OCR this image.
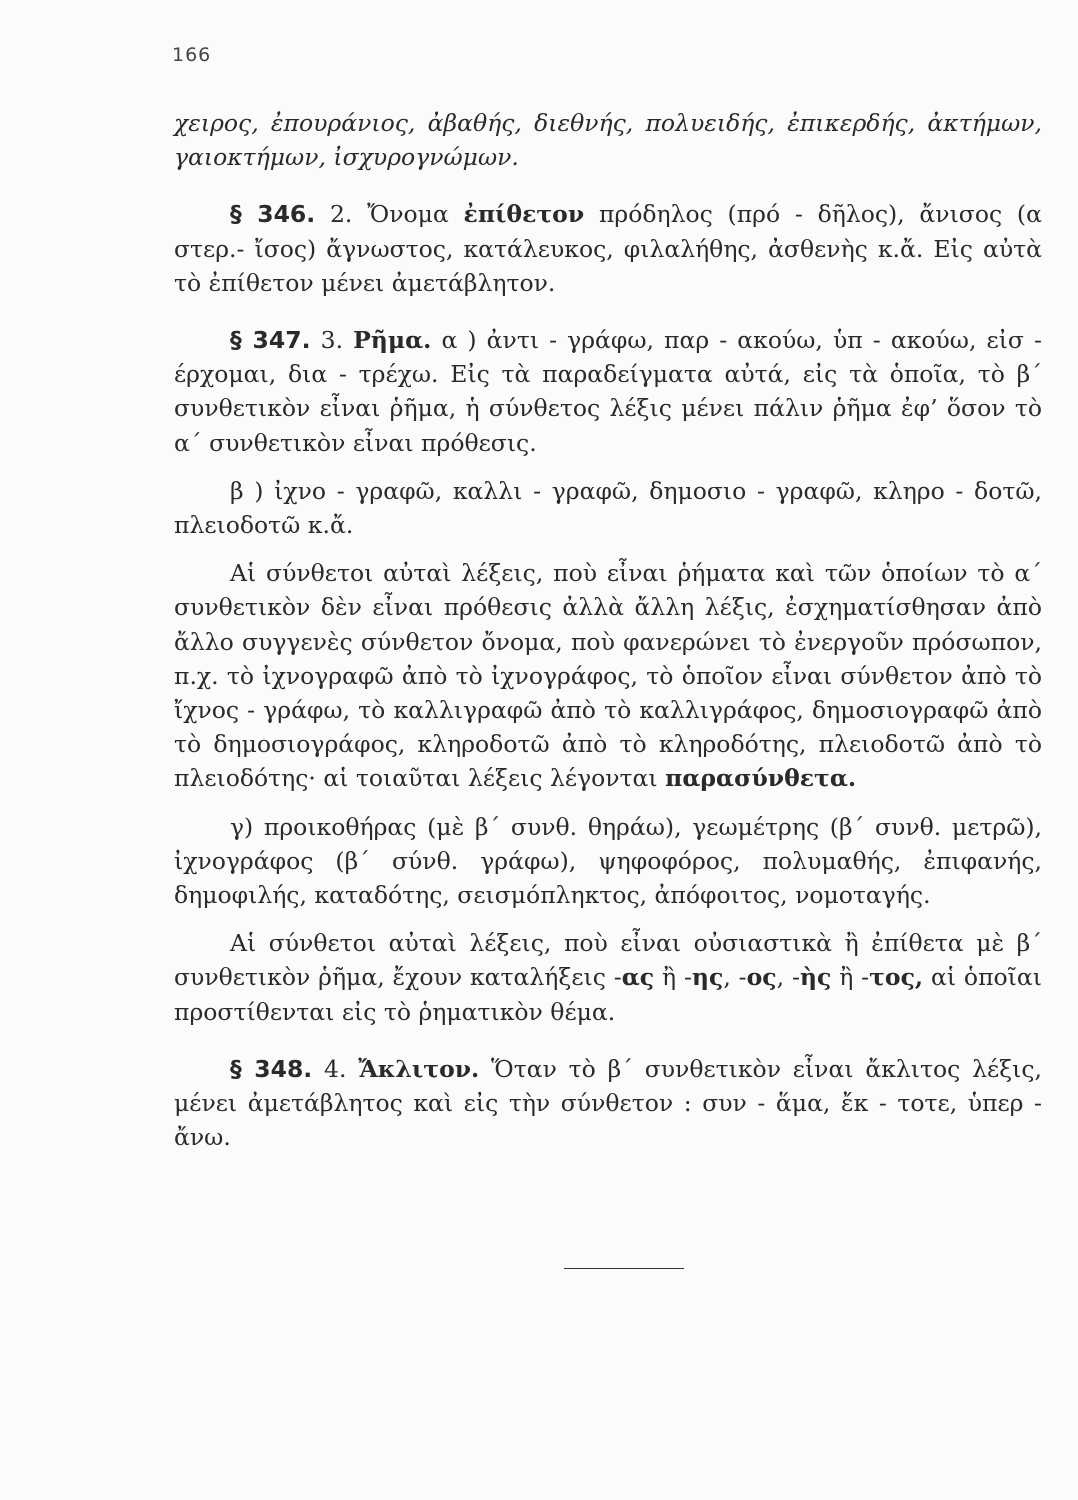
166

χειρος, ἐπουράνιος, ἀβαθής, διεθνής, πολυειδής, ἐπικερδής, ἀκτήμων, γαιοκτήμων, ἰσχυρογνώμων.

§ 346. 2. Ὄνομα ἐπίθετον πρόδηλος (πρό - δῆλος), ἄνισος (α στερ.- ἴσος) ἄγνωστος, κατάλευκος, φιλαλήθης, ἀσθενὴς κ.ἄ. Εἰς αὐτὰ τὸ ἐπίθετον μένει ἀμετάβλητον.

§ 347. 3. Ρῆμα. α ) ἀντι - γράφω, παρ - ακούω, ὑπ - ακούω, εἰσ - έρχομαι, δια - τρέχω. Εἰς τὰ παραδείγματα αὐτά, εἰς τὰ ὁποῖα, τὸ β΄ συνθετικὸν εἶναι ῥῆμα, ἡ σύνθετος λέξις μένει πάλιν ῥῆμα ἐφ’ ὅσον τὸ α΄ συνθετικὸν εἶναι πρόθεσις.

β ) ἰχνο - γραφῶ, καλλι - γραφῶ, δημοσιο - γραφῶ, κληρο - δοτῶ, πλειοδοτῶ κ.ἄ.

Αἱ σύνθετοι αὐταὶ λέξεις, ποὺ εἶναι ῥήματα καὶ τῶν ὁποίων τὸ α΄ συνθετικὸν δὲν εἶναι πρόθεσις ἀλλὰ ἄλλη λέξις, ἐσχηματίσθησαν ἀπὸ ἄλλο συγγενὲς σύνθετον ὄνομα, ποὺ φανερώνει τὸ ἐνεργοῦν πρόσωπον, π.χ. τὸ ἰχνογραφῶ ἀπὸ τὸ ἰχνογράφος, τὸ ὁποῖον εἶναι σύνθετον ἀπὸ τὸ ἴχνος - γράφω, τὸ καλλιγραφῶ ἀπὸ τὸ καλλιγράφος, δημοσιογραφῶ ἀπὸ τὸ δημοσιογράφος, κληροδοτῶ ἀπὸ τὸ κληροδότης, πλειοδοτῶ ἀπὸ τὸ πλειοδότης· αἱ τοιαῦται λέξεις λέγονται παρασύνθετα.

γ) προικοθήρας (μὲ β΄ συνθ. θηράω), γεωμέτρης (β΄ συνθ. μετρῶ), ἰχνογράφος (β΄ σύνθ. γράφω), ψηφοφόρος, πολυμαθής, ἐπιφανής, δημοφιλής, καταδότης, σεισμόπληκτος, ἀπόφοιτος, νομοταγής.

Αἱ σύνθετοι αὐταὶ λέξεις, ποὺ εἶναι οὐσιαστικὰ ἢ ἐπίθετα μὲ β΄ συνθετικὸν ῥῆμα, ἔχουν καταλήξεις -ας ἢ -ης, -ος, -ὴς ἢ -τος, αἱ ὁποῖαι προστίθενται εἰς τὸ ῥηματικὸν θέμα.

§ 348. 4. Ἄκλιτον. Ὅταν τὸ β΄ συνθετικὸν εἶναι ἄκλιτος λέξις, μένει ἀμετάβλητος καὶ εἰς τὴν σύνθετον : συν - ἅμα, ἔκ - τοτε, ὑπερ - ἄνω.
